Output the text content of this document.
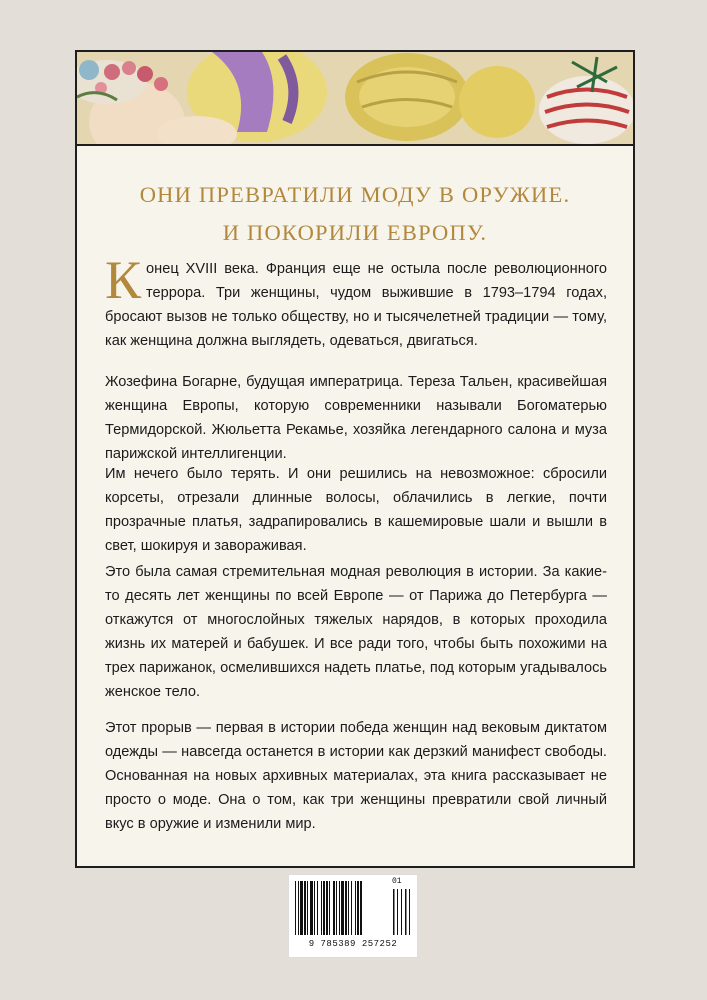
ОНИ ПРЕВРАТИЛИ МОДУ В ОРУЖИЕ.
И ПОКОРИЛИ ЕВРОПУ.

Конец XVIII века. Франция еще не остыла после революционного террора. Три женщины, чудом выжившие в 1793–1794 годах, бросают вызов не только обществу, но и тысячелетней традиции — тому, как женщина должна выглядеть, одеваться, двигаться.

Жозефина Богарне, будущая императрица. Тереза Тальен, красивейшая женщина Европы, которую современники называли Богоматерью Термидорской. Жюльетта Рекамье, хозяйка легендарного салона и муза парижской интеллигенции.

Им нечего было терять. И они решились на невозможное: сбросили корсеты, отрезали длинные волосы, облачились в легкие, почти прозрачные платья, задрапировались в кашемировые шали и вышли в свет, шокируя и завораживая.

Это была самая стремительная модная революция в истории. За какие-то десять лет женщины по всей Европе — от Парижа до Петербурга — откажутся от многослойных тяжелых нарядов, в которых проходила жизнь их матерей и бабушек. И все ради того, чтобы быть похожими на трех парижанок, осмелившихся надеть платье, под которым угадывалось женское тело.

Этот прорыв — первая в истории победа женщин над вековым диктатом одежды — навсегда останется в истории как дерзкий манифест свободы. Основанная на новых архивных материалах, эта книга рассказывает не просто о моде. Она о том, как три женщины превратили свой личный вкус в оружие и изменили мир.

01
9 785389 257252
